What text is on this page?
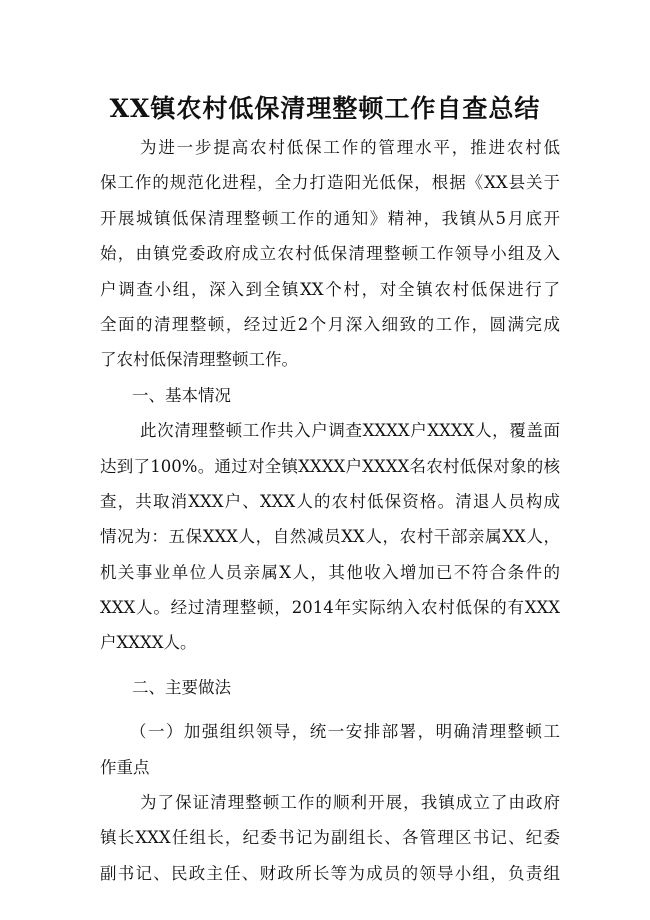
XX镇农村低保清理整顿工作自查总结
为进一步提高农村低保工作的管理水平，推进农村低
保工作的规范化进程，全力打造阳光低保，根据《XX县关于
开展城镇低保清理整顿工作的通知》精神，我镇从5月底开
始，由镇党委政府成立农村低保清理整顿工作领导小组及入
户调查小组，深入到全镇XX个村，对全镇农村低保进行了
全面的清理整顿，经过近2个月深入细致的工作，圆满完成
了农村低保清理整顿工作。
一、基本情况
此次清理整顿工作共入户调查XXXX户XXXX人，覆盖面
达到了100%。通过对全镇XXXX户XXXX名农村低保对象的核
查，共取消XXX户、XXX人的农村低保资格。清退人员构成
情况为：五保XXX人，自然减员XX人，农村干部亲属XX人，
机关事业单位人员亲属X人，其他收入增加已不符合条件的
XXX人。经过清理整顿，2014年实际纳入农村低保的有XXX
户XXXX人。
二、主要做法
（一）加强组织领导，统一安排部署，明确清理整顿工
作重点
为了保证清理整顿工作的顺利开展，我镇成立了由政府
镇长XXX任组长，纪委书记为副组长、各管理区书记、纪委
副书记、民政主任、财政所长等为成员的领导小组，负责组
